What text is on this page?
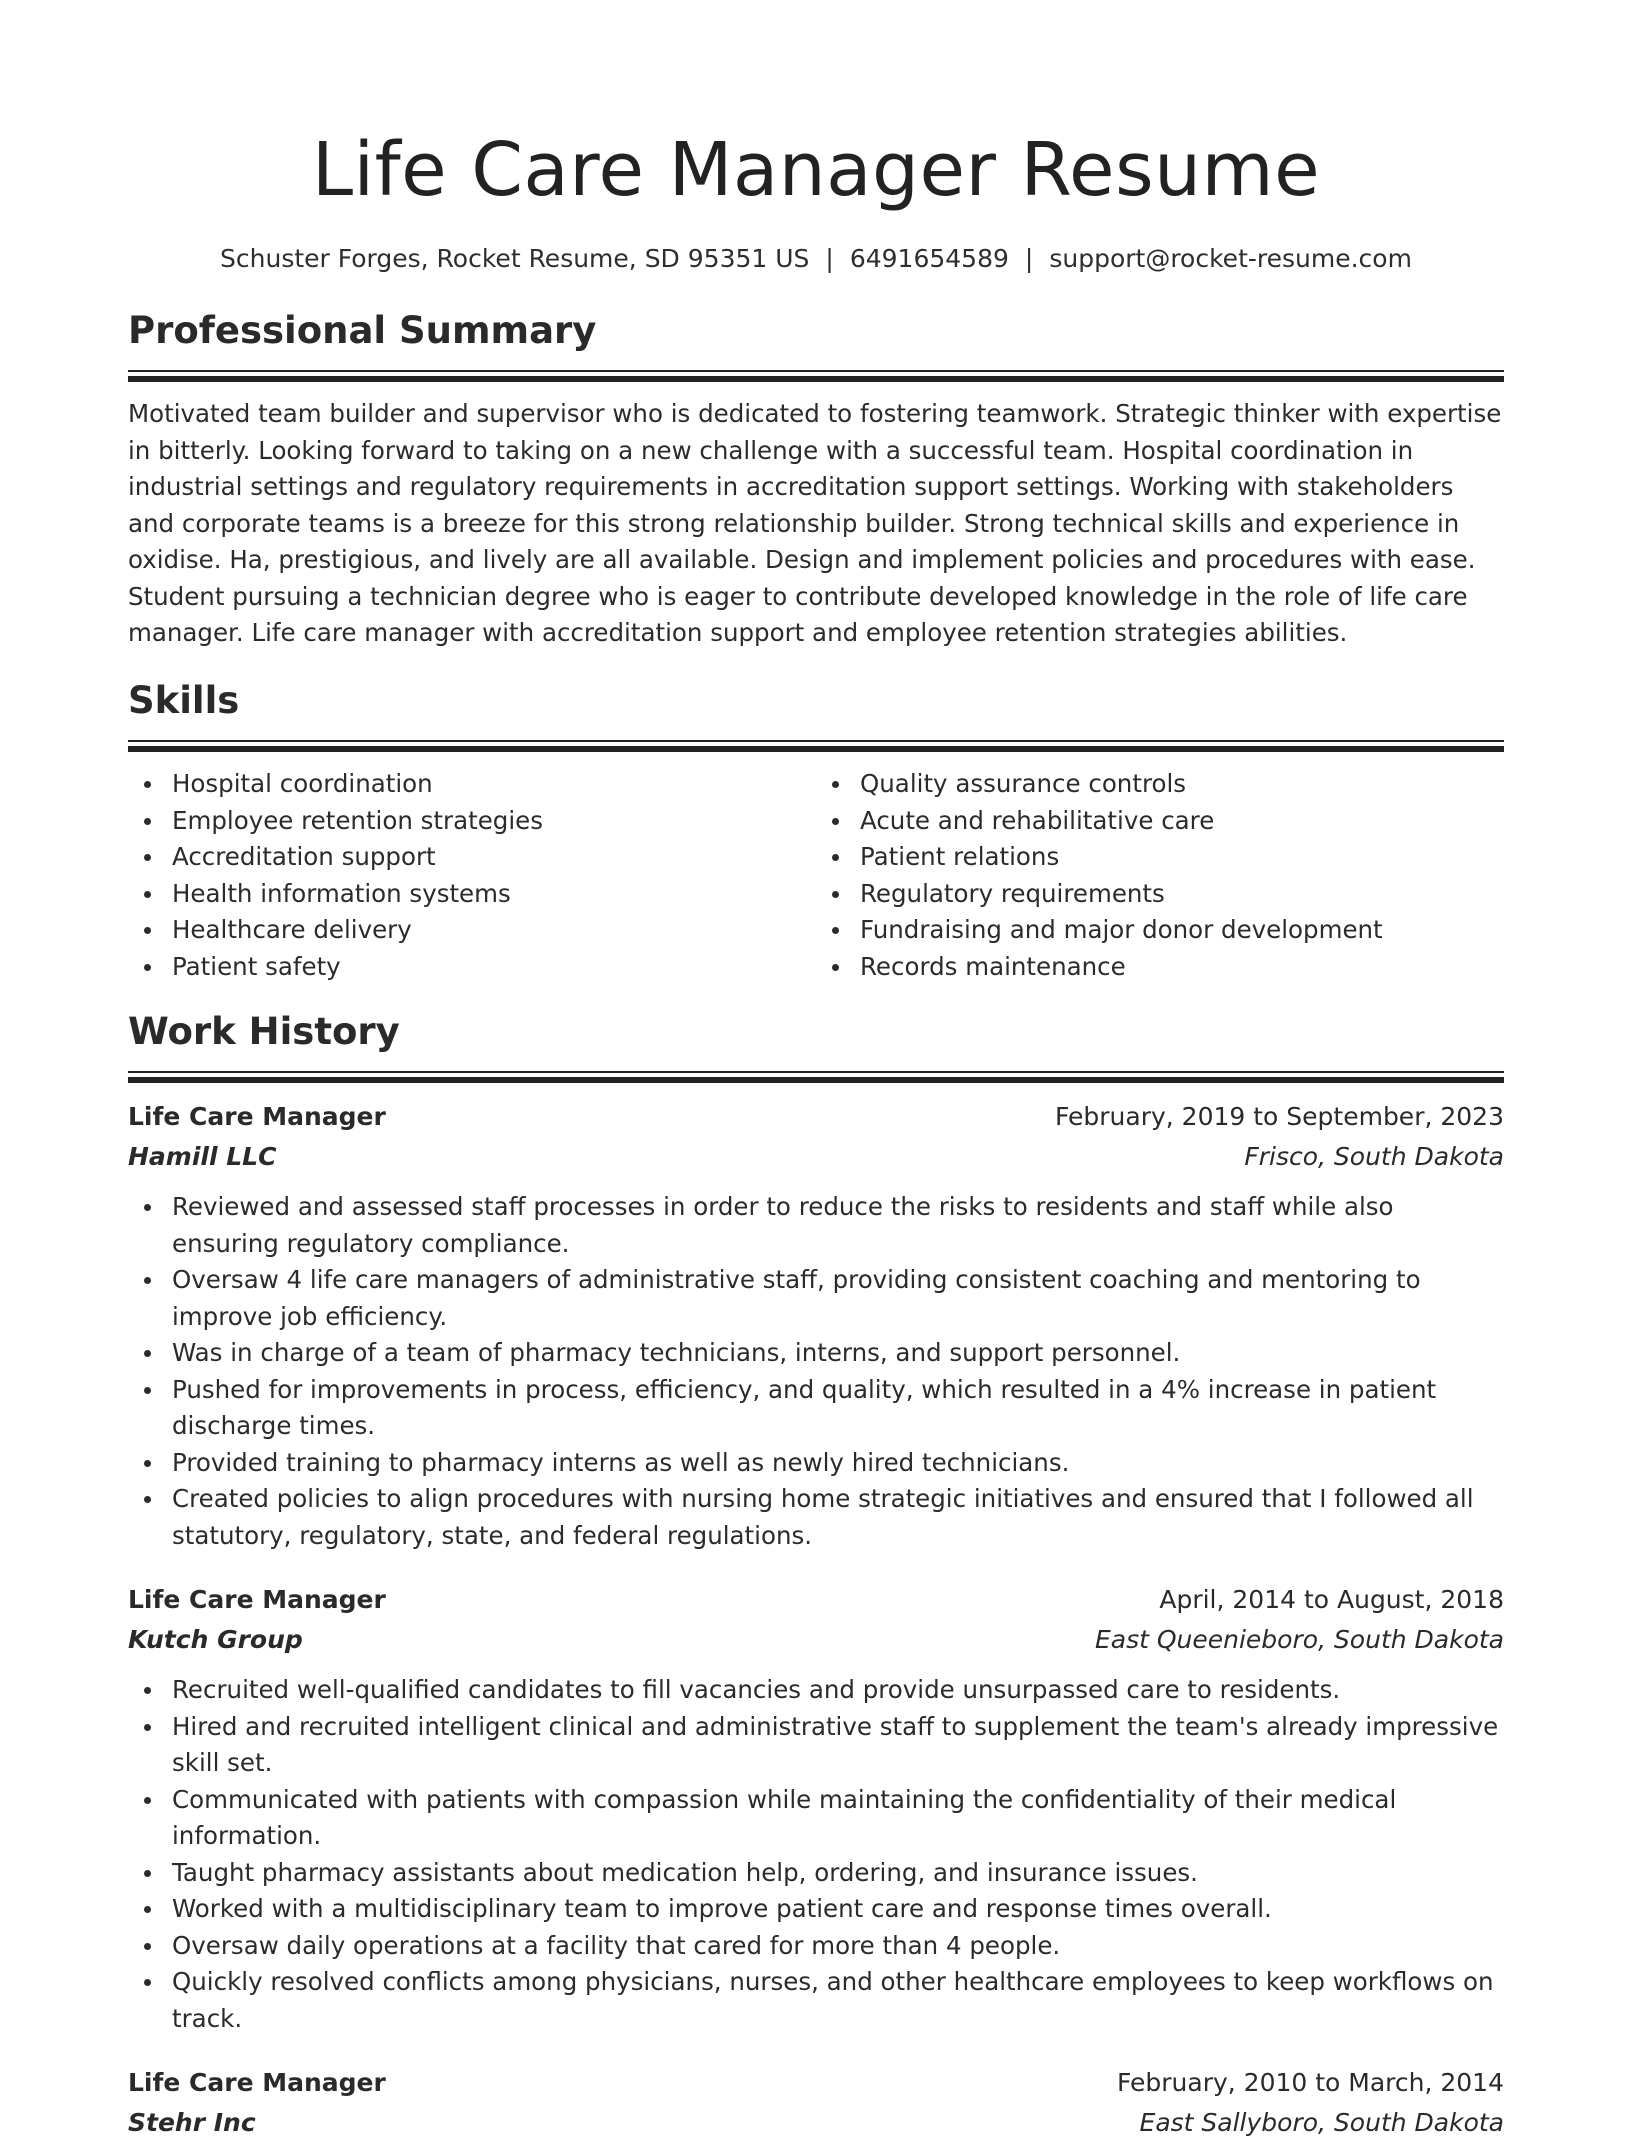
Life Care Manager Resume
Schuster Forges, Rocket Resume, SD 95351 US | 6491654589 | support@rocket-resume.com
Professional Summary

Motivated team builder and supervisor who is dedicated to fostering teamwork. Strategic thinker with expertise in bitterly. Looking forward to taking on a new challenge with a successful team. Hospital coordination in industrial settings and regulatory requirements in accreditation support settings. Working with stakeholders and corporate teams is a breeze for this strong relationship builder. Strong technical skills and experience in oxidise. Ha, prestigious, and lively are all available. Design and implement policies and procedures with ease. Student pursuing a technician degree who is eager to contribute developed knowledge in the role of life care manager. Life care manager with accreditation support and employee retention strategies abilities.

Skills
Hospital coordination
Employee retention strategies
Accreditation support
Health information systems
Healthcare delivery
Patient safety
Quality assurance controls
Acute and rehabilitative care
Patient relations
Regulatory requirements
Fundraising and major donor development
Records maintenance
Work History
Life Care Manager	February, 2019 to September, 2023
Hamill LLC	Frisco, South Dakota
Reviewed and assessed staff processes in order to reduce the risks to residents and staff while also ensuring regulatory compliance.
Oversaw 4 life care managers of administrative staff, providing consistent coaching and mentoring to improve job efficiency.
Was in charge of a team of pharmacy technicians, interns, and support personnel.
Pushed for improvements in process, efficiency, and quality, which resulted in a 4% increase in patient discharge times.
Provided training to pharmacy interns as well as newly hired technicians.
Created policies to align procedures with nursing home strategic initiatives and ensured that I followed all statutory, regulatory, state, and federal regulations.
Life Care Manager	April, 2014 to August, 2018
Kutch Group	East Queenieboro, South Dakota
Recruited well-qualified candidates to fill vacancies and provide unsurpassed care to residents.
Hired and recruited intelligent clinical and administrative staff to supplement the team's already impressive skill set.
Communicated with patients with compassion while maintaining the confidentiality of their medical information.
Taught pharmacy assistants about medication help, ordering, and insurance issues.
Worked with a multidisciplinary team to improve patient care and response times overall.
Oversaw daily operations at a facility that cared for more than 4 people.
Quickly resolved conflicts among physicians, nurses, and other healthcare employees to keep workflows on track.
Life Care Manager	February, 2010 to March, 2014
Stehr Inc	East Sallyboro, South Dakota
